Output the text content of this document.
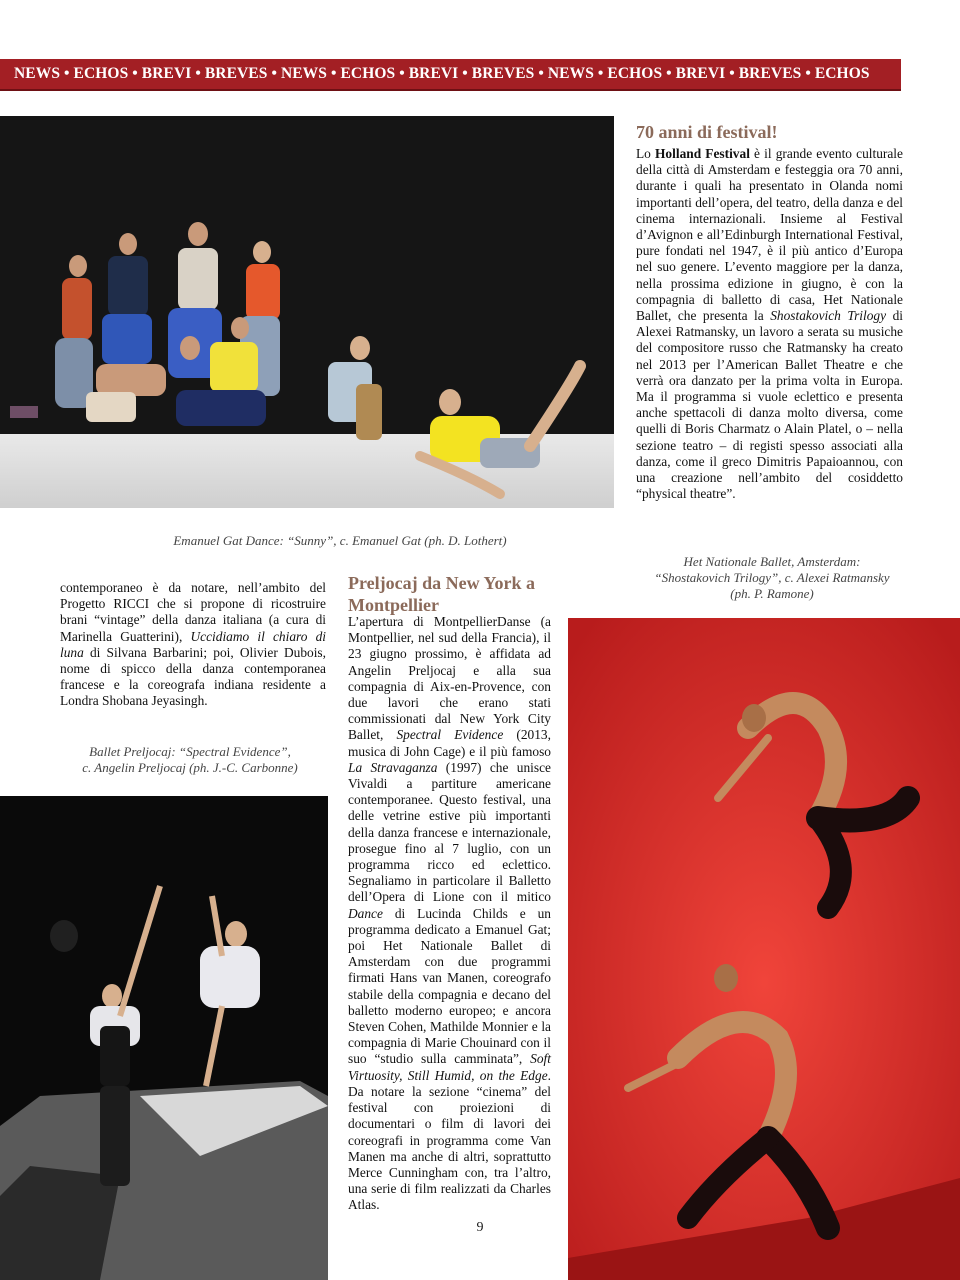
NEWS • ECHOS • BREVI • BREVES • NEWS • ECHOS • BREVI • BREVES • NEWS • ECHOS • BREVI • BREVES • ECHOS
70 anni di festival!

Lo Holland Festival è il grande evento culturale della città di Amsterdam e festeggia ora 70 anni, durante i quali ha presentato in Olanda nomi importanti dell’opera, del teatro, della danza e del cinema internazionali. Insieme al Festival d’Avignon e all’Edinburgh International Festival, pure fondati nel 1947, è il più antico d’Europa nel suo genere. L’evento maggiore per la danza, nella prossima edizione in giugno, è con la compagnia di balletto di casa, Het Nationale Ballet, che presenta la Shostakovich Trilogy di Alexei Ratmansky, un lavoro a serata su musiche del compositore russo che Ratmansky ha creato nel 2013 per l’American Ballet Theatre e che verrà ora danzato per la prima volta in Europa. Ma il programma si vuole eclettico e presenta anche spettacoli di danza molto diversa, come quelli di Boris Charmatz o Alain Platel, o – nella sezione teatro – di registi spesso associati alla danza, come il greco Dimitris Papaioannou, con una creazione nell’ambito del cosiddetto “physical theatre”.

Emanuel Gat Dance: “Sunny”, c. Emanuel Gat (ph. D. Lothert)
Het Nationale Ballet, Amsterdam:
“Shostakovich Trilogy”, c. Alexei Ratmansky
(ph. P. Ramone)

contemporaneo è da notare, nell’ambito del Progetto RICCI che si propone di ricostruire brani “vintage” della danza italiana (a cura di Marinella Guatterini), Uccidiamo il chiaro di luna di Silvana Barbarini; poi, Olivier Dubois, nome di spicco della danza contemporanea francese e la coreografa indiana residente a Londra Shobana Jeyasingh.

Ballet Preljocaj: “Spectral Evidence”,
c. Angelin Preljocaj (ph. J.-C. Carbonne)
Preljocaj da New York a Montpellier

L’apertura di MontpellierDanse (a Montpellier, nel sud della Francia), il 23 giugno prossimo, è affidata ad Angelin Preljocaj e alla sua compagnia di Aix-en-Provence, con due lavori che erano stati commissionati dal New York City Ballet, Spectral Evidence (2013, musica di John Cage) e il più famoso La Stravaganza (1997) che unisce Vivaldi a partiture americane contemporanee. Questo festival, una delle vetrine estive più importanti della danza francese e internazionale, prosegue fino al 7 luglio, con un programma ricco ed eclettico. Segnaliamo in particolare il Balletto dell’Opera di Lione con il mitico Dance di Lucinda Childs e un programma dedicato a Emanuel Gat; poi Het Nationale Ballet di Amsterdam con due programmi firmati Hans van Manen, coreografo stabile della compagnia e decano del balletto moderno europeo; e ancora Steven Cohen, Mathilde Monnier e la compagnia di Marie Chouinard con il suo “studio sulla camminata”, Soft Virtuosity, Still Humid, on the Edge. Da notare la sezione “cinema” del festival con proiezioni di documentari o film di lavori dei coreografi in programma come Van Manen ma anche di altri, soprattutto Merce Cunningham con, tra l’altro, una serie di film realizzati da Charles Atlas.

9
